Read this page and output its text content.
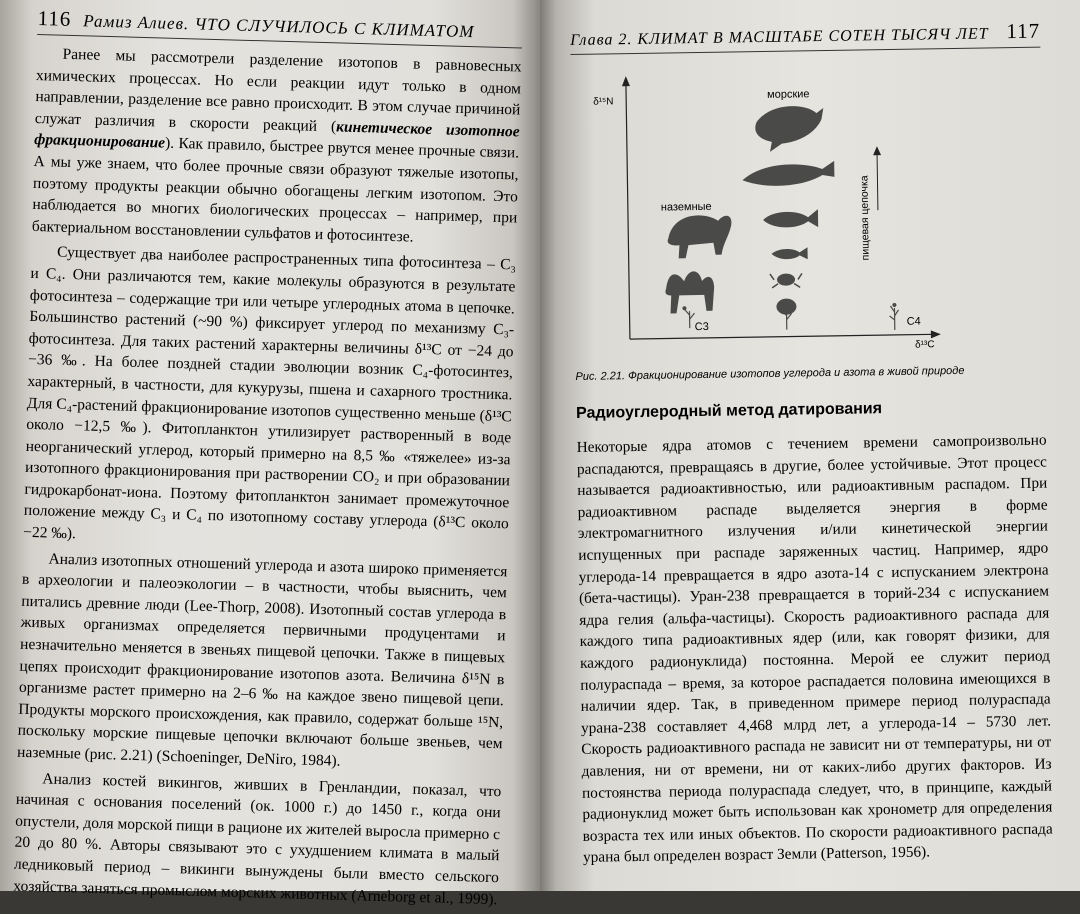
116 Рамиз Алиев. ЧТО СЛУЧИЛОСЬ С КЛИМАТОМ

Ранее мы рассмотрели разделение изотопов в равновесных химических процессах. Но если реакции идут только в одном направлении, разделение все равно происходит. В этом случае причиной служат различия в скорости реакций (кинетическое изотопное фракционирование). Как правило, быстрее рвутся менее прочные связи. А мы уже знаем, что более прочные связи образуют тяжелые изотопы, поэтому продукты реакции обычно обогащены легким изотопом. Это наблюдается во многих биологических процессах – например, при бактериальном восстановлении сульфатов и фотосинтезе.

Существует два наиболее распространенных типа фотосинтеза – C₃ и C₄. Они различаются тем, какие молекулы образуются в результате фотосинтеза – содержащие три или четыре углеродных атома в цепочке. Большинство растений (~90 %) фиксирует углерод по механизму C₃-фотосинтеза. Для таких растений характерны величины δ¹³C от −24 до −36 ‰. На более поздней стадии эволюции возник C₄-фотосинтез, характерный, в частности, для кукурузы, пшена и сахарного тростника. Для C₄-растений фракционирование изотопов существенно меньше (δ¹³C около −12,5 ‰). Фитопланктон утилизирует растворенный в воде неорганический углерод, который примерно на 8,5 ‰ «тяжелее» из-за изотопного фракционирования при растворении CO₂ и при образовании гидрокарбонат-иона. Поэтому фитопланктон занимает промежуточное положение между C₃ и C₄ по изотопному составу углерода (δ¹³C около −22 ‰).

Анализ изотопных отношений углерода и азота широко применяется в археологии и палеоэкологии – в частности, чтобы выяснить, чем питались древние люди (Lee-Thorp, 2008). Изотопный состав углерода в живых организмах определяется первичными продуцентами и незначительно меняется в звеньях пищевой цепочки. Также в пищевых цепях происходит фракционирование изотопов азота. Величина δ¹⁵N в организме растет примерно на 2–6 ‰ на каждое звено пищевой цепи. Продукты морского происхождения, как правило, содержат больше ¹⁵N, поскольку морские пищевые цепочки включают больше звеньев, чем наземные (рис. 2.21) (Schoeninger, DeNiro, 1984).

Анализ костей викингов, живших в Гренландии, показал, что начиная с основания поселений (ок. 1000 г.) до 1450 г., когда они опустели, доля морской пищи в рационе их жителей выросла примерно с 20 до 80 %. Авторы связывают это с ухудшением климата в малый ледниковый период – викинги вынуждены были вместо сельского хозяйства заняться промыслом морских животных (Arneborg et al., 1999).

Глава 2. КЛИМАТ В МАСШТАБЕ СОТЕН ТЫСЯЧ ЛЕТ 117
δ¹⁵N
δ¹³C
морские
наземные	пищевая цепочка
C3	C4
Рис. 2.21. Фракционирование изотопов углерода и азота в живой природе
Радиоуглеродный метод датирования

Некоторые ядра атомов с течением времени самопроизвольно распадаются, превращаясь в другие, более устойчивые. Этот процесс называется радиоактивностью, или радиоактивным распадом. При радиоактивном распаде выделяется энергия в форме электромагнитного излучения и/или кинетической энергии испущенных при распаде заряженных частиц. Например, ядро углерода-14 превращается в ядро азота-14 с испусканием электрона (бета-частицы). Уран-238 превращается в торий-234 с испусканием ядра гелия (альфа-частицы). Скорость радиоактивного распада для каждого типа радиоактивных ядер (или, как говорят физики, для каждого радионуклида) постоянна. Мерой ее служит период полураспада – время, за которое распадается половина имеющихся в наличии ядер. Так, в приведенном примере период полураспада урана-238 составляет 4,468 млрд лет, а углерода-14 – 5730 лет. Скорость радиоактивного распада не зависит ни от температуры, ни от давления, ни от времени, ни от каких-либо других факторов. Из постоянства периода полураспада следует, что, в принципе, каждый радионуклид может быть использован как хронометр для определения возраста тех или иных объектов. По скорости радиоактивного распада урана был определен возраст Земли (Patterson, 1956).
